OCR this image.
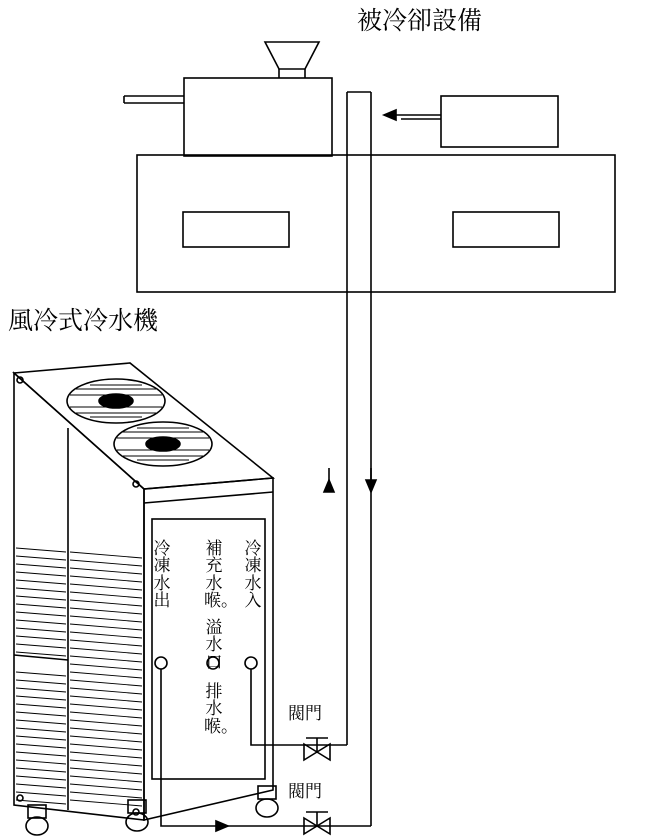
被冷卻設備
風冷式冷水機
冷凍水出
補充水喉。
溢水口
排水喉。
冷凍水入
閥門
閥門
